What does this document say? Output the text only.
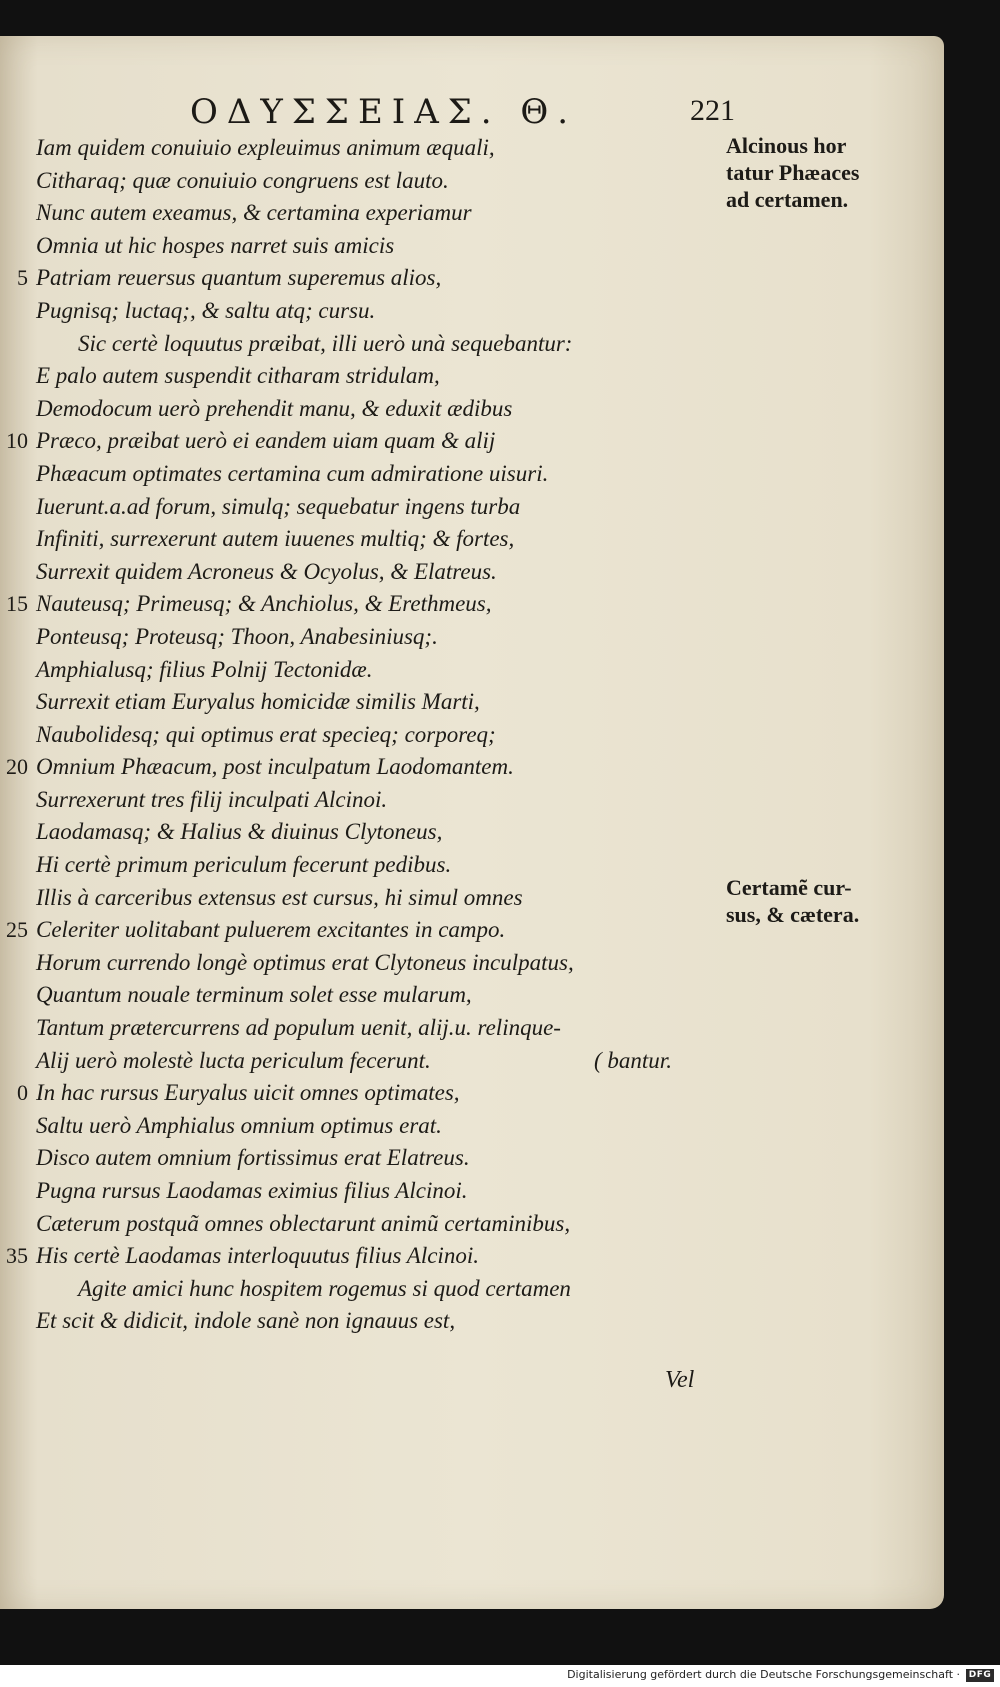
ΟΔΥΣΣΕΙΑΣ. Θ.	221
Iam quidem conuiuio expleuimus animum æquali,
Citharaq; quæ conuiuio congruens est lauto.
Nunc autem exeamus, & certamina experiamur
Omnia ut hic hospes narret suis amicis
5 Patriam reuersus quantum superemus alios,
Pugnisq; luctaq;, & saltu atq; cursu.
Sic certè loquutus præibat, illi uerò unà sequebantur:
E palo autem suspendit citharam stridulam,
Demodocum uerò prehendit manu, & eduxit ædibus
10 Præco, præibat uerò ei eandem uiam quam & alij
Phæacum optimates certamina cum admiratione uisuri.
Iuerunt.a.ad forum, simulq; sequebatur ingens turba
Infiniti, surrexerunt autem iuuenes multiq; & fortes,
Surrexit quidem Acroneus & Ocyolus, & Elatreus.
15 Nauteusq; Primeusq; & Anchiolus, & Erethmeus,
Ponteusq; Proteusq; Thoon, Anabesiniusq;.
Amphialusq; filius Polnij Tectonidæ.
Surrexit etiam Euryalus homicidæ similis Marti,
Naubolidesq; qui optimus erat specieq; corporeq;
20 Omnium Phæacum, post inculpatum Laodomantem.
Surrexerunt tres filij inculpati Alcinoi.
Laodamasq; & Halius & diuinus Clytoneus,
Hi certè primum periculum fecerunt pedibus.
Illis à carceribus extensus est cursus, hi simul omnes
25 Celeriter uolitabant puluerem excitantes in campo.
Horum currendo longè optimus erat Clytoneus inculpatus,
Quantum nouale terminum solet esse mularum,
Tantum prætercurrens ad populum uenit, alij.u. relinque-
Alij uerò molestè lucta periculum fecerunt.	( bantur.
0 In hac rursus Euryalus uicit omnes optimates,
Saltu uerò Amphialus omnium optimus erat.
Disco autem omnium fortissimus erat Elatreus.
Pugna rursus Laodamas eximius filius Alcinoi.
Cæterum postquã omnes oblectarunt animũ certaminibus,
35 His certè Laodamas interloquutus filius Alcinoi.
Agite amici hunc hospitem rogemus si quod certamen
Et scit & didicit, indole sanè non ignauus est,
Alcinous hor
tatur Phæaces
ad certamen.
Certamẽ cur-
sus, & cætera.
Vel
Digitalisierung gefördert durch die Deutsche Forschungsgemeinschaft · DFG
